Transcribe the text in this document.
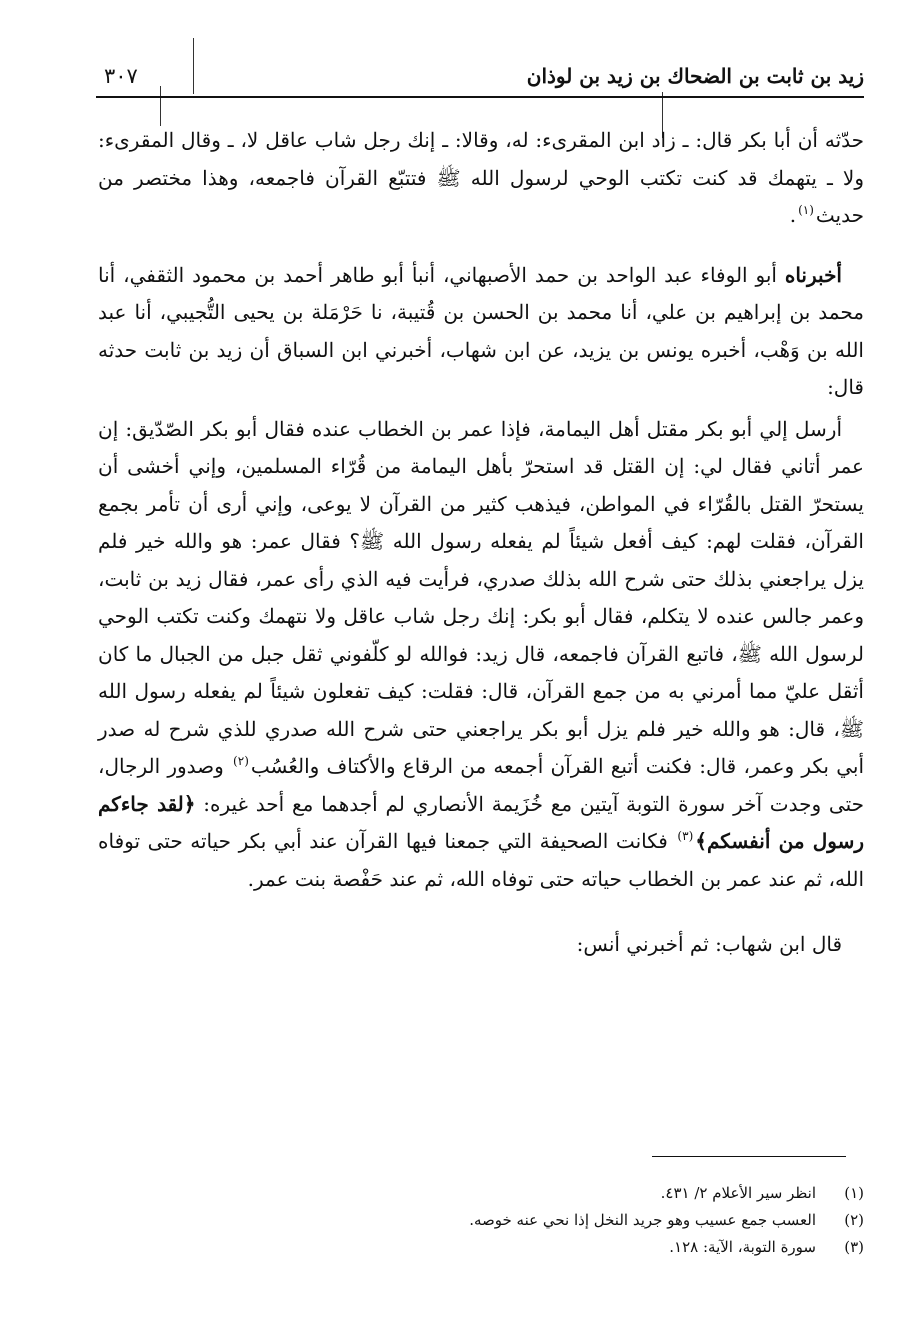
زيد بن ثابت بن الضحاك بن زيد بن لوذان
٣٠٧

حدّثه أن أبا بكر قال: ـ زاد ابن المقرىء: له، وقالا: ـ إنك رجل شاب عاقل لا، ـ وقال المقرىء: ولا ـ يتهمك قد كنت تكتب الوحي لرسول الله ﷺ فتتبّع القرآن فاجمعه، وهذا مختصر من حديث$^{(١)}$.

أخبرناه أبو الوفاء عبد الواحد بن حمد الأصبهاني، أنبأ أبو طاهر أحمد بن محمود الثقفي، أنا محمد بن إبراهيم بن علي، أنا محمد بن الحسن بن قُتيبة، نا حَرْمَلة بن يحيى التُّجيبي، أنا عبد الله بن وَهْب، أخبره يونس بن يزيد، عن ابن شهاب، أخبرني ابن السباق أن زيد بن ثابت حدثه قال:

أرسل إلي أبو بكر مقتل أهل اليمامة، فإذا عمر بن الخطاب عنده فقال أبو بكر الصّدّيق: إن عمر أتاني فقال لي: إن القتل قد استحرّ بأهل اليمامة من قُرّاء المسلمين، وإني أخشى أن يستحرّ القتل بالقُرّاء في المواطن، فيذهب كثير من القرآن لا يوعى، وإني أرى أن تأمر بجمع القرآن، فقلت لهم: كيف أفعل شيئاً لم يفعله رسول الله ﷺ؟ فقال عمر: هو والله خير فلم يزل يراجعني بذلك حتى شرح الله بذلك صدري، فرأيت فيه الذي رأى عمر، فقال زيد بن ثابت، وعمر جالس عنده لا يتكلم، فقال أبو بكر: إنك رجل شاب عاقل ولا نتهمك وكنت تكتب الوحي لرسول الله ﷺ، فاتبع القرآن فاجمعه، قال زيد: فوالله لو كلّفوني ثقل جبل من الجبال ما كان أثقل عليّ مما أمرني به من جمع القرآن، قال: فقلت: كيف تفعلون شيئاً لم يفعله رسول الله ﷺ، قال: هو والله خير فلم يزل أبو بكر يراجعني حتى شرح الله صدري للذي شرح له صدر أبي بكر وعمر، قال: فكنت أتبع القرآن أجمعه من الرقاع والأكتاف والعُسُب$^{(٢)}$ وصدور الرجال، حتى وجدت آخر سورة التوبة آيتين مع خُزَيمة الأنصاري لم أجدهما مع أحد غيره: ﴿لقد جاءكم رسول من أنفسكم﴾$^{(٣)}$ فكانت الصحيفة التي جمعنا فيها القرآن عند أبي بكر حياته حتى توفاه الله، ثم عند عمر بن الخطاب حياته حتى توفاه الله، ثم عند حَفْصة بنت عمر.

قال ابن شهاب: ثم أخبرني أنس:

(١)
انظر سير الأعلام ٢/ ٤٣١.
(٢)
العسب جمع عسيب وهو جريد النخل إذا نحي عنه خوصه.
(٣)
سورة التوبة، الآية: ١٢٨.
